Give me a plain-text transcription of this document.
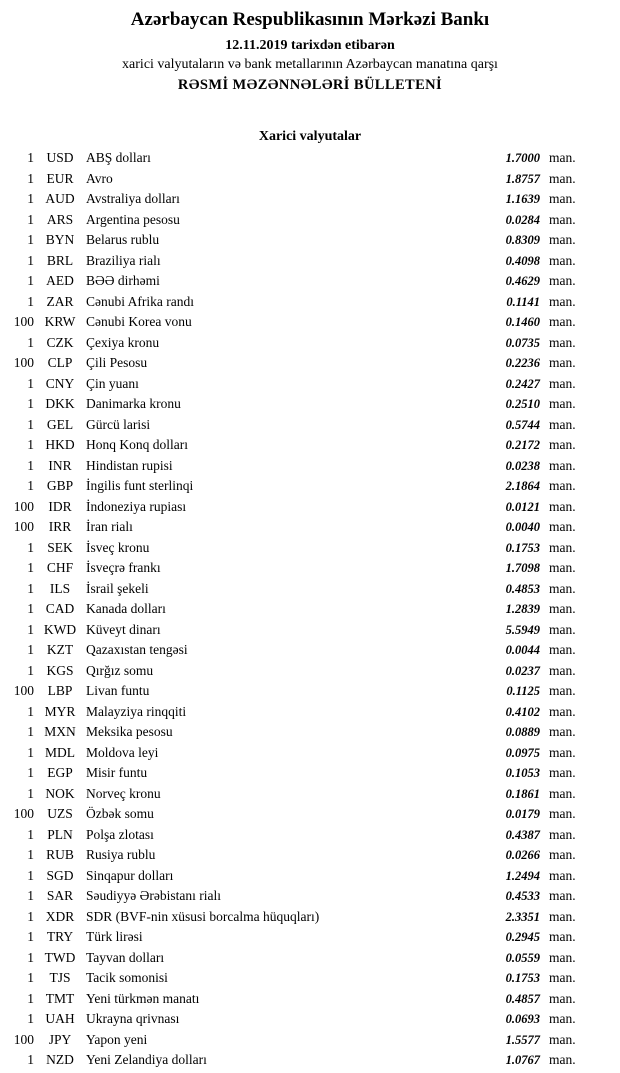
Azərbaycan Respublikasının Mərkəzi Bankı
12.11.2019 tarixdən etibarən
xarici valyutaların və bank metallarının Azərbaycan manatına qarşı
RƏSMİ MƏZƏNNƏLƏRİ BÜLLETENİ
Xarici valyutalar
1 USD ABŞ dolları	1.7000 man.
1 EUR Avro	1.8757 man.
1 AUD Avstraliya dolları	1.1639 man.
1 ARS Argentina pesosu	0.0284 man.
1 BYN Belarus rublu	0.8309 man.
1 BRL Braziliya rialı	0.4098 man.
1 AED BƏƏ dirhəmi	0.4629 man.
1 ZAR Cənubi Afrika randı	0.1141 man.
100 KRW Cənubi Korea vonu	0.1460 man.
1 CZK Çexiya kronu	0.0735 man.
100	CLP	Çili Pesosu	0.2236 man.
1 CNY Çin yuanı	0.2427 man.
1 DKK Danimarka kronu	0.2510 man.
1 GEL Gürcü larisi	0.5744 man.
1 HKD Honq Konq dolları	0.2172 man.
1	INR	Hindistan rupisi	0.0238 man.
1 GBP İngilis funt sterlinqi	2.1864 man.
100	IDR	İndoneziya rupiası	0.0121 man.
100	IRR	İran rialı	0.0040 man.
1 SEK İsveç kronu	0.1753 man.
1 CHF İsveçrə frankı	1.7098 man.
1	ILS	İsrail şekeli	0.4853 man.
1 CAD Kanada dolları	1.2839 man.
1 KWD Küveyt dinarı	5.5949 man.
1 KZT Qazaxıstan tengəsi	0.0044 man.
1 KGS Qırğız somu	0.0237 man.
100	LBP	Livan funtu	0.1125 man.
1 MYR Malayziya rinqqiti	0.4102 man.
1 MXN Meksika pesosu	0.0889 man.
1 MDL Moldova leyi	0.0975 man.
1 EGP Misir funtu	0.1053 man.
1 NOK Norveç kronu	0.1861 man.
100 UZS Özbək somu	0.0179 man.
1 PLN Polşa zlotası	0.4387 man.
1 RUB Rusiya rublu	0.0266 man.
1 SGD Sinqapur dolları	1.2494 man.
1 SAR Səudiyyə Ərəbistanı rialı	0.4533 man.
1 XDR SDR (BVF-nin xüsusi borcalma hüquqları)	2.3351 man.
1 TRY Türk lirəsi	0.2945 man.
1 TWD Tayvan dolları	0.0559 man.
1	TJS	Tacik somonisi	0.1753 man.
1 TMT Yeni türkmən manatı	0.4857 man.
1 UAH Ukrayna qrivnası	0.0693 man.
100	JPY	Yapon yeni	1.5577 man.
1 NZD Yeni Zelandiya dolları	1.0767 man.
